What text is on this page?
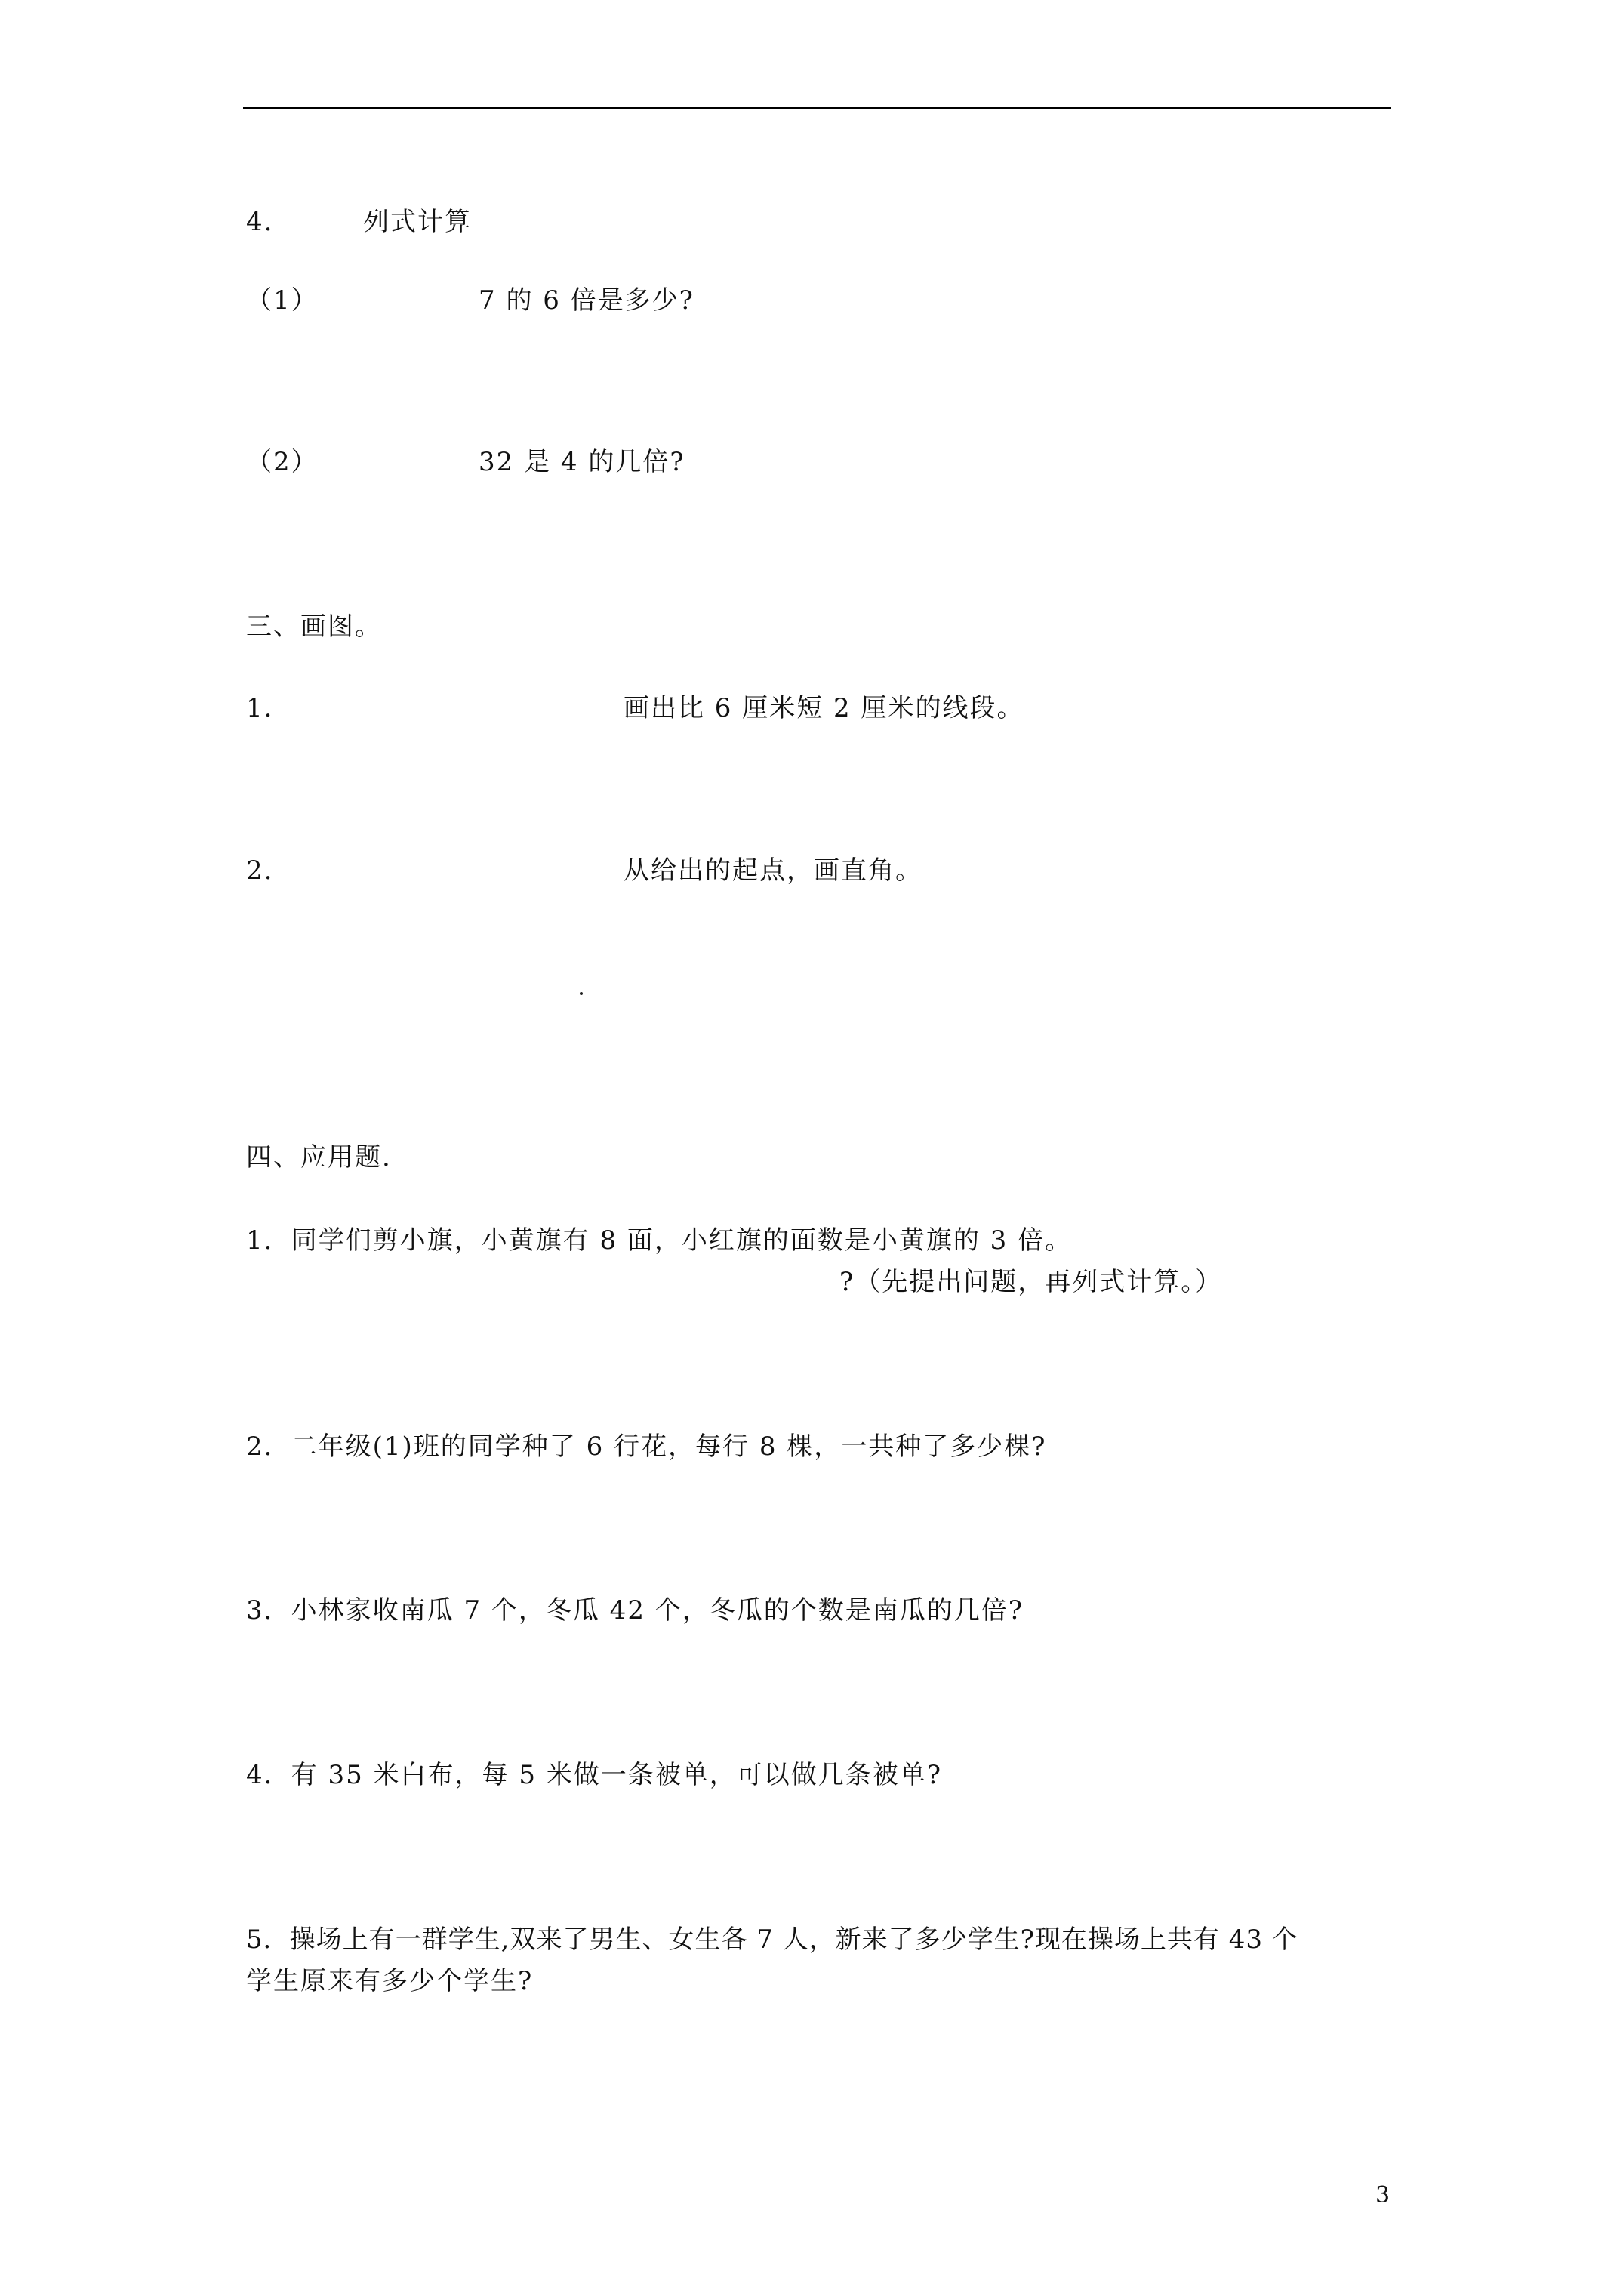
4.	列式计算
（1）	7 的 6 倍是多少?
（2）	32 是 4 的几倍?
三、画图。
1.	画出比 6 厘米短 2 厘米的线段。
2.	从给出的起点，画直角。
四、应用题.
1．同学们剪小旗，小黄旗有 8 面，小红旗的面数是小黄旗的 3 倍。
?（先提出问题，再列式计算。）
2．二年级(1)班的同学种了 6 行花，每行 8 棵，一共种了多少棵?
3．小林家收南瓜 7 个，冬瓜 42 个，冬瓜的个数是南瓜的几倍?
4．有 35 米白布，每 5 米做一条被单，可以做几条被单?
5．操场上有一群学生,双来了男生、女生各 7 人，新来了多少学生?现在操场上共有 43 个
学生原来有多少个学生?
3
